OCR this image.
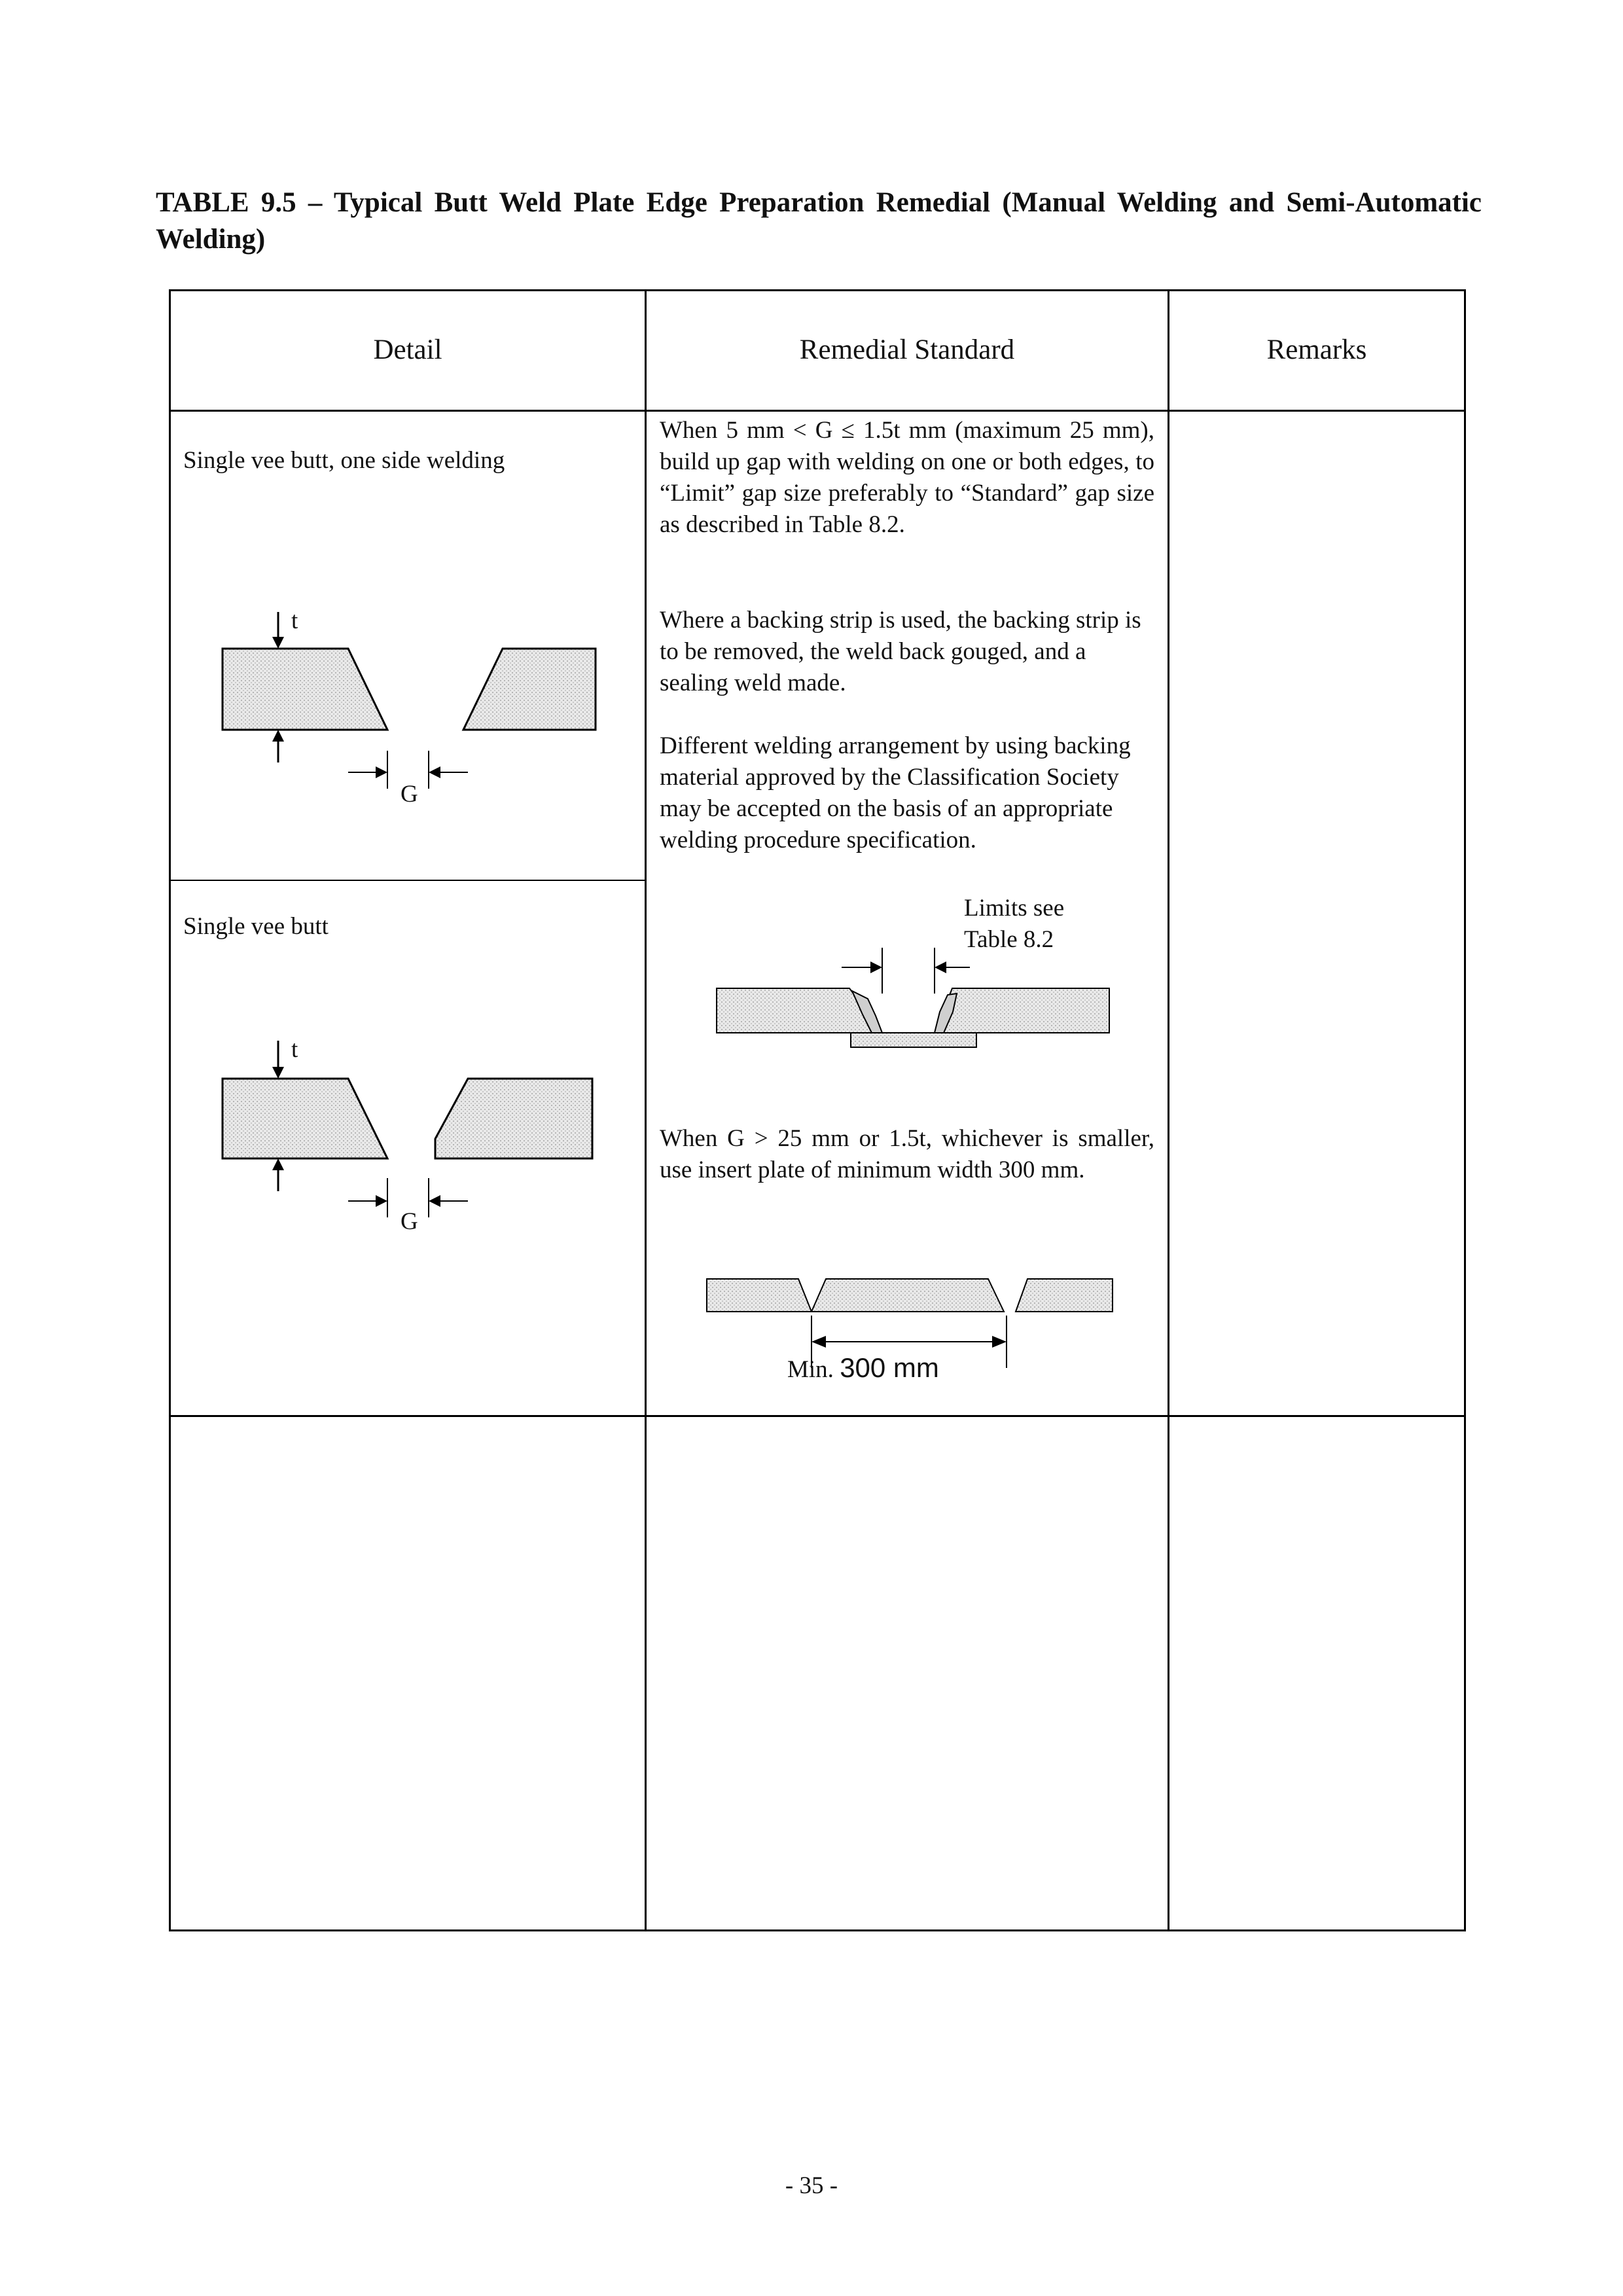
TABLE 9.5 – Typical Butt Weld Plate Edge Preparation Remedial (Manual Welding and Semi-Automatic Welding)
Detail	Remedial Standard	Remarks
Single vee butt, one side welding
t
G
Single vee butt
t
G
When 5 mm < G ≤ 1.5t mm (maximum 25 mm), build up gap with welding on one or both edges, to “Limit” gap size preferably to “Standard” gap size as described in Table 8.2.
Where a backing strip is used, the backing strip is to be removed, the weld back gouged, and a sealing weld made.
Different welding arrangement by using backing material approved by the Classification Society may be accepted on the basis of an appropriate welding procedure specification.
Limits see Table 8.2
When G > 25 mm or 1.5t, whichever is smaller, use insert plate of minimum width 300 mm.
Min. 300 mm
- 35 -
